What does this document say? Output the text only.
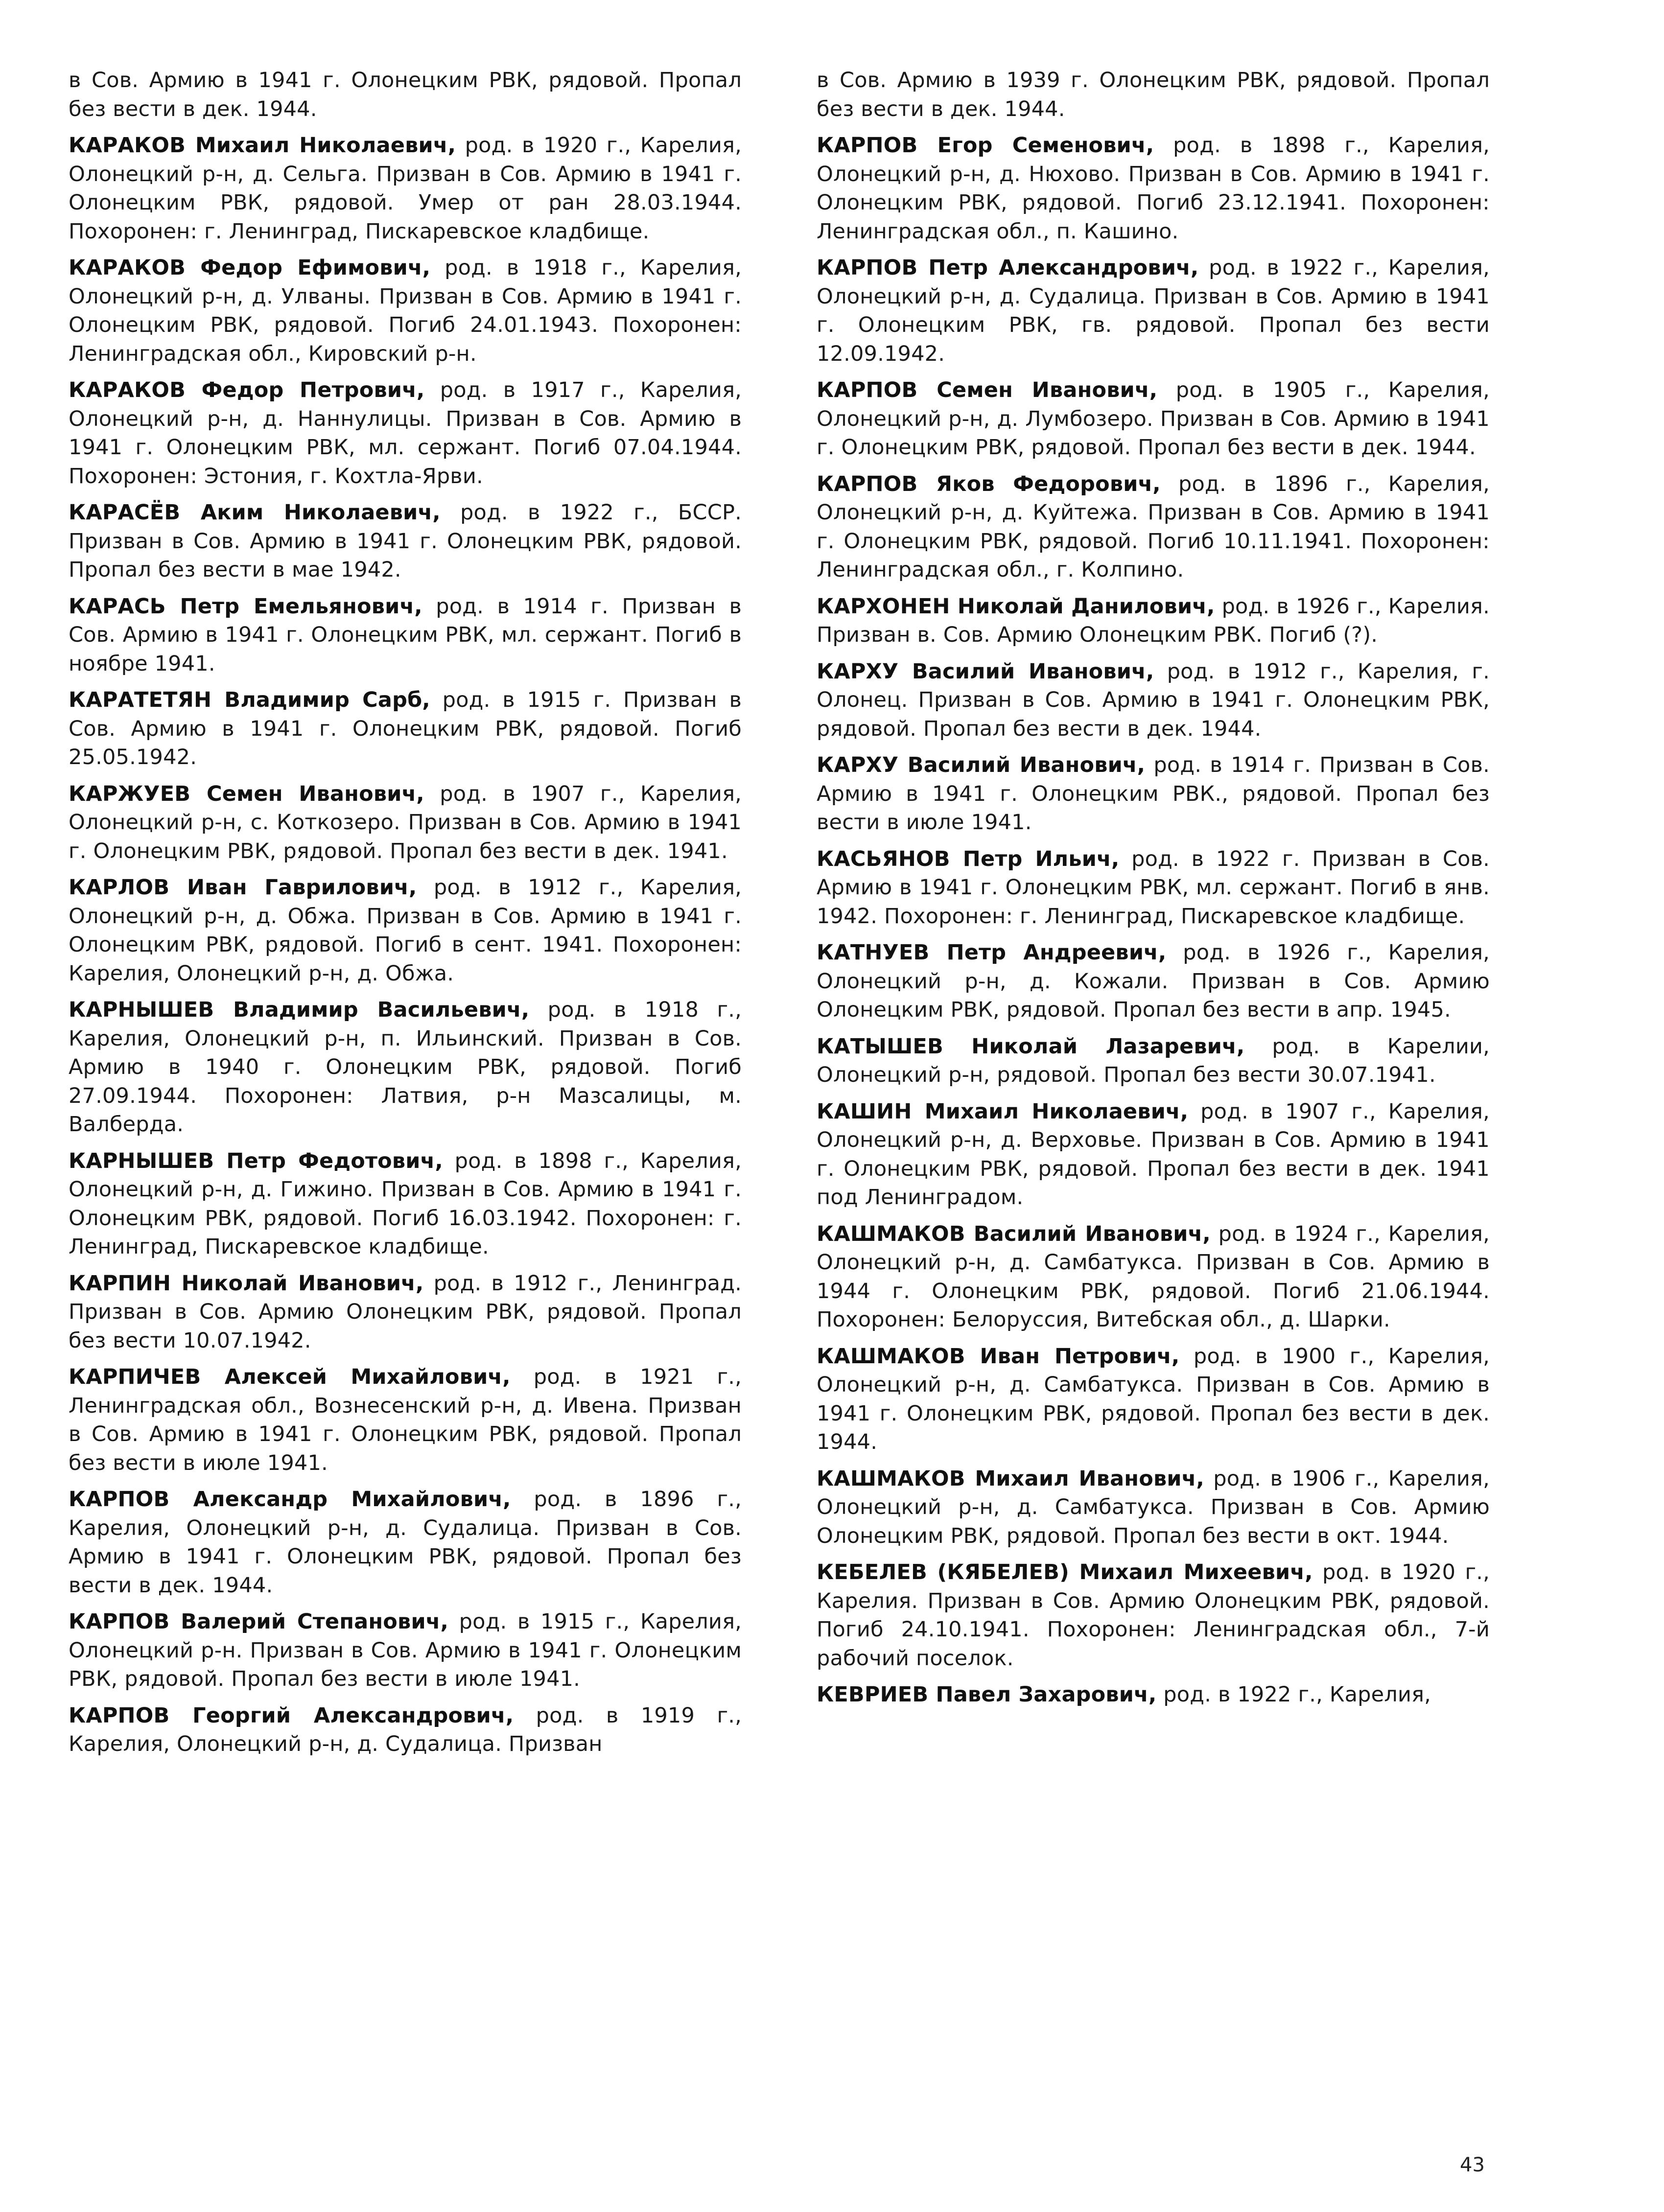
в Сов. Армию в 1941 г. Олонецким РВК, рядовой. Пропал без вести в дек. 1944.
КАРАКОВ Михаил Николаевич, род. в 1920 г., Карелия, Олонецкий р-н, д. Сельга. Призван в Сов. Армию в 1941 г. Олонецким РВК, рядовой. Умер от ран 28.03.1944. Похоронен: г. Ленинград, Пискаревское кладбище.
КАРАКОВ Федор Ефимович, род. в 1918 г., Карелия, Олонецкий р-н, д. Улваны. Призван в Сов. Армию в 1941 г. Олонецким РВК, рядовой. Погиб 24.01.1943. Похоронен: Ленинградская обл., Кировский р-н.
КАРАКОВ Федор Петрович, род. в 1917 г., Карелия, Олонецкий р-н, д. Наннулицы. Призван в Сов. Армию в 1941 г. Олонецким РВК, мл. сержант. Погиб 07.04.1944. Похоронен: Эстония, г. Кохтла-Ярви.
КАРАСЁВ Аким Николаевич, род. в 1922 г., БССР. Призван в Сов. Армию в 1941 г. Олонецким РВК, рядовой. Пропал без вести в мае 1942.
КАРАСЬ Петр Емельянович, род. в 1914 г. Призван в Сов. Армию в 1941 г. Олонецким РВК, мл. сержант. Погиб в ноябре 1941.
КАРАТЕТЯН Владимир Сарб, род. в 1915 г. Призван в Сов. Армию в 1941 г. Олонецким РВК, рядовой. Погиб 25.05.1942.
КАРЖУЕВ Семен Иванович, род. в 1907 г., Карелия, Олонецкий р-н, с. Коткозеро. Призван в Сов. Армию в 1941 г. Олонецким РВК, рядовой. Пропал без вести в дек. 1941.
КАРЛОВ Иван Гаврилович, род. в 1912 г., Карелия, Олонецкий р-н, д. Обжа. Призван в Сов. Армию в 1941 г. Олонецким РВК, рядовой. Погиб в сент. 1941. Похоронен: Карелия, Олонецкий р-н, д. Обжа.
КАРНЫШЕВ Владимир Васильевич, род. в 1918 г., Карелия, Олонецкий р-н, п. Ильинский. Призван в Сов. Армию в 1940 г. Олонецким РВК, рядовой. Погиб 27.09.1944. Похоронен: Латвия, р-н Мазсалицы, м. Валберда.
КАРНЫШЕВ Петр Федотович, род. в 1898 г., Карелия, Олонецкий р-н, д. Гижино. Призван в Сов. Армию в 1941 г. Олонецким РВК, рядовой. Погиб 16.03.1942. Похоронен: г. Ленинград, Пискаревское кладбище.
КАРПИН Николай Иванович, род. в 1912 г., Ленинград. Призван в Сов. Армию Олонецким РВК, рядовой. Пропал без вести 10.07.1942.
КАРПИЧЕВ Алексей Михайлович, род. в 1921 г., Ленинградская обл., Вознесенский р-н, д. Ивена. Призван в Сов. Армию в 1941 г. Олонецким РВК, рядовой. Пропал без вести в июле 1941.
КАРПОВ Александр Михайлович, род. в 1896 г., Карелия, Олонецкий р-н, д. Судалица. Призван в Сов. Армию в 1941 г. Олонецким РВК, рядовой. Пропал без вести в дек. 1944.
КАРПОВ Валерий Степанович, род. в 1915 г., Карелия, Олонецкий р-н. Призван в Сов. Армию в 1941 г. Олонецким РВК, рядовой. Пропал без вести в июле 1941.
КАРПОВ Георгий Александрович, род. в 1919 г., Карелия, Олонецкий р-н, д. Судалица. Призван
в Сов. Армию в 1939 г. Олонецким РВК, рядовой. Пропал без вести в дек. 1944.
КАРПОВ Егор Семенович, род. в 1898 г., Карелия, Олонецкий р-н, д. Нюхово. Призван в Сов. Армию в 1941 г. Олонецким РВК, рядовой. Погиб 23.12.1941. Похоронен: Ленинградская обл., п. Кашино.
КАРПОВ Петр Александрович, род. в 1922 г., Карелия, Олонецкий р-н, д. Судалица. Призван в Сов. Армию в 1941 г. Олонецким РВК, гв. рядовой. Пропал без вести 12.09.1942.
КАРПОВ Семен Иванович, род. в 1905 г., Карелия, Олонецкий р-н, д. Лумбозеро. Призван в Сов. Армию в 1941 г. Олонецким РВК, рядовой. Пропал без вести в дек. 1944.
КАРПОВ Яков Федорович, род. в 1896 г., Карелия, Олонецкий р-н, д. Куйтежа. Призван в Сов. Армию в 1941 г. Олонецким РВК, рядовой. Погиб 10.11.1941. Похоронен: Ленинградская обл., г. Колпино.
КАРХОНЕН Николай Данилович, род. в 1926 г., Карелия. Призван в. Сов. Армию Олонецким РВК. Погиб (?).
КАРХУ Василий Иванович, род. в 1912 г., Карелия, г. Олонец. Призван в Сов. Армию в 1941 г. Олонецким РВК, рядовой. Пропал без вести в дек. 1944.
КАРХУ Василий Иванович, род. в 1914 г. Призван в Сов. Армию в 1941 г. Олонецким РВК., рядовой. Пропал без вести в июле 1941.
КАСЬЯНОВ Петр Ильич, род. в 1922 г. Призван в Сов. Армию в 1941 г. Олонецким РВК, мл. сержант. Погиб в янв. 1942. Похоронен: г. Ленинград, Пискаревское кладбище.
КАТНУЕВ Петр Андреевич, род. в 1926 г., Карелия, Олонецкий р-н, д. Кожали. Призван в Сов. Армию Олонецким РВК, рядовой. Пропал без вести в апр. 1945.
КАТЫШЕВ Николай Лазаревич, род. в Карелии, Олонецкий р-н, рядовой. Пропал без вести 30.07.1941.
КАШИН Михаил Николаевич, род. в 1907 г., Карелия, Олонецкий р-н, д. Верховье. Призван в Сов. Армию в 1941 г. Олонецким РВК, рядовой. Пропал без вести в дек. 1941 под Ленинградом.
КАШМАКОВ Василий Иванович, род. в 1924 г., Карелия, Олонецкий р-н, д. Самбатукса. Призван в Сов. Армию в 1944 г. Олонецким РВК, рядовой. Погиб 21.06.1944. Похоронен: Белоруссия, Витебская обл., д. Шарки.
КАШМАКОВ Иван Петрович, род. в 1900 г., Карелия, Олонецкий р-н, д. Самбатукса. Призван в Сов. Армию в 1941 г. Олонецким РВК, рядовой. Пропал без вести в дек. 1944.
КАШМАКОВ Михаил Иванович, род. в 1906 г., Карелия, Олонецкий р-н, д. Самбатукса. Призван в Сов. Армию Олонецким РВК, рядовой. Пропал без вести в окт. 1944.
КЕБЕЛЕВ (КЯБЕЛЕВ) Михаил Михеевич, род. в 1920 г., Карелия. Призван в Сов. Армию Олонецким РВК, рядовой. Погиб 24.10.1941. Похоронен: Ленинградская обл., 7-й рабочий поселок.
КЕВРИЕВ Павел Захарович, род. в 1922 г., Карелия,
43
